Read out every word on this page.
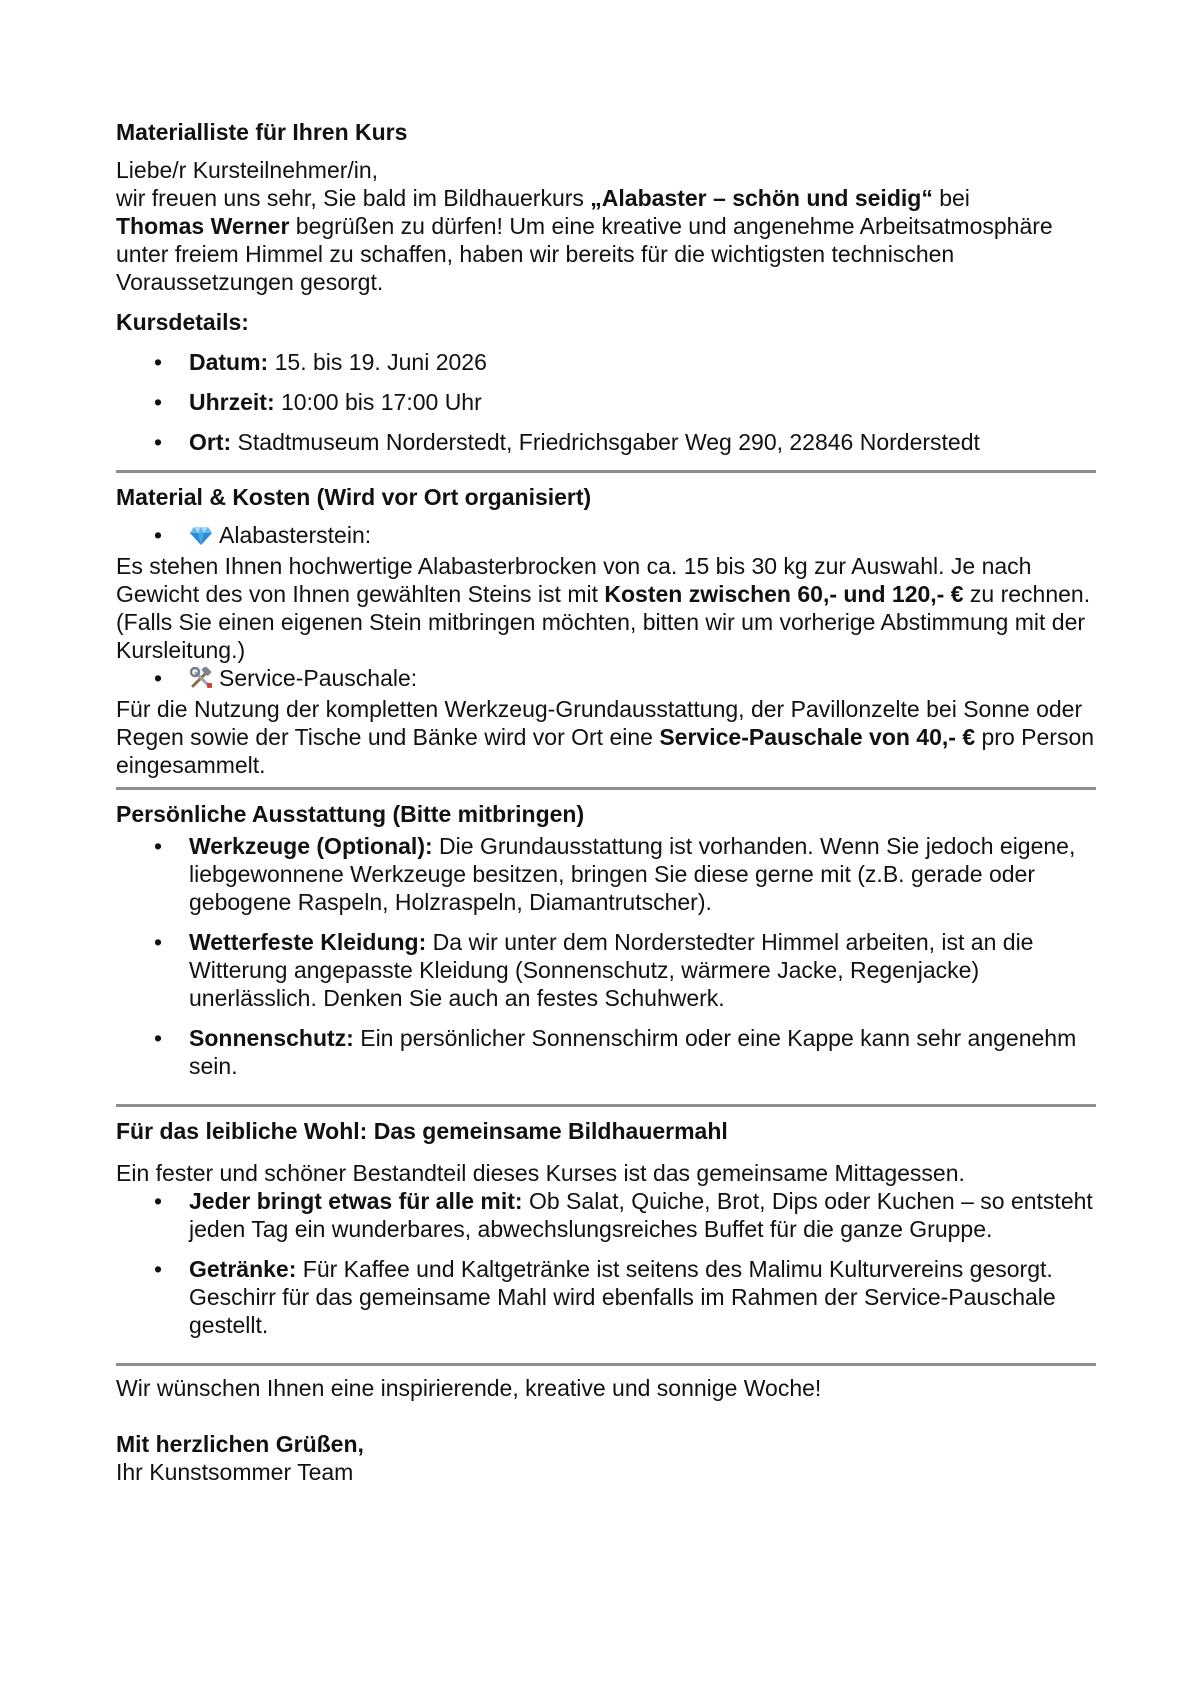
Materialliste für Ihren Kurs

Liebe/r Kursteilnehmer/in,

wir freuen uns sehr, Sie bald im Bildhauerkurs „Alabaster – schön und seidig“ bei
Thomas Werner begrüßen zu dürfen! Um eine kreative und angenehme Arbeitsatmosphäre unter freiem Himmel zu schaffen, haben wir bereits für die wichtigsten technischen Voraussetzungen gesorgt.

Kursdetails:

• Datum: 15. bis 19. Juni 2026
• Uhrzeit: 10:00 bis 17:00 Uhr
• Ort: Stadtmuseum Norderstedt, Friedrichsgaber Weg 290, 22846 Norderstedt

Material & Kosten (Wird vor Ort organisiert)

• Alabasterstein:

Es stehen Ihnen hochwertige Alabasterbrocken von ca. 15 bis 30 kg zur Auswahl. Je nach Gewicht des von Ihnen gewählten Steins ist mit Kosten zwischen 60,- und 120,- € zu rechnen.

(Falls Sie einen eigenen Stein mitbringen möchten, bitten wir um vorherige Abstimmung mit der Kursleitung.)

• Service-Pauschale:

Für die Nutzung der kompletten Werkzeug-Grundausstattung, der Pavillonzelte bei Sonne oder Regen sowie der Tische und Bänke wird vor Ort eine Service-Pauschale von 40,- € pro Person eingesammelt.

Persönliche Ausstattung (Bitte mitbringen)

• Werkzeuge (Optional): Die Grundausstattung ist vorhanden. Wenn Sie jedoch eigene, liebgewonnene Werkzeuge besitzen, bringen Sie diese gerne mit (z.B. gerade oder gebogene Raspeln, Holzraspeln, Diamantrutscher).
• Wetterfeste Kleidung: Da wir unter dem Norderstedter Himmel arbeiten, ist an die Witterung angepasste Kleidung (Sonnenschutz, wärmere Jacke, Regenjacke) unerlässlich. Denken Sie auch an festes Schuhwerk.
• Sonnenschutz: Ein persönlicher Sonnenschirm oder eine Kappe kann sehr angenehm sein.

Für das leibliche Wohl: Das gemeinsame Bildhauermahl

Ein fester und schöner Bestandteil dieses Kurses ist das gemeinsame Mittagessen.

• Jeder bringt etwas für alle mit: Ob Salat, Quiche, Brot, Dips oder Kuchen – so entsteht jeden Tag ein wunderbares, abwechslungsreiches Buffet für die ganze Gruppe.
• Getränke: Für Kaffee und Kaltgetränke ist seitens des Malimu Kulturvereins gesorgt. Geschirr für das gemeinsame Mahl wird ebenfalls im Rahmen der Service-Pauschale gestellt.

Wir wünschen Ihnen eine inspirierende, kreative und sonnige Woche!

Mit herzlichen Grüßen,

Ihr Kunstsommer Team
